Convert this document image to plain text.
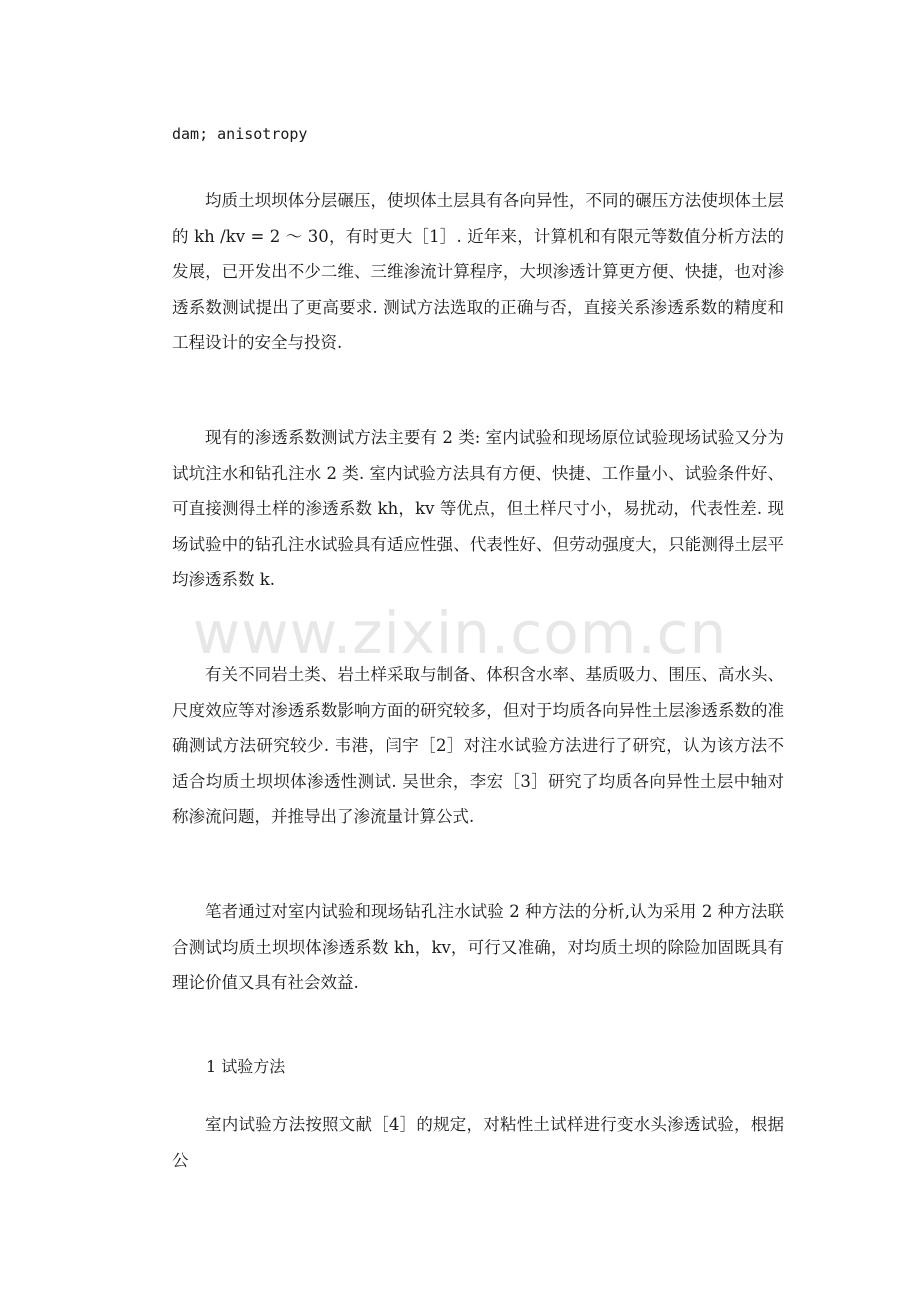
dam; anisotropy

均质土坝坝体分层碾压，使坝体土层具有各向异性，不同的碾压方法使坝体土层的 kh /kv = 2 ～ 30，有时更大［1］. 近年来，计算机和有限元等数值分析方法的发展，已开发出不少二维、三维渗流计算程序，大坝渗透计算更方便、快捷，也对渗透系数测试提出了更高要求. 测试方法选取的正确与否，直接关系渗透系数的精度和工程设计的安全与投资.

现有的渗透系数测试方法主要有 2 类: 室内试验和现场原位试验现场试验又分为试坑注水和钻孔注水 2 类. 室内试验方法具有方便、快捷、工作量小、试验条件好、可直接测得土样的渗透系数 kh，kv 等优点，但土样尺寸小，易扰动，代表性差. 现场试验中的钻孔注水试验具有适应性强、代表性好、但劳动强度大，只能测得土层平均渗透系数 k.

有关不同岩土类、岩土样采取与制备、体积含水率、基质吸力、围压、高水头、尺度效应等对渗透系数影响方面的研究较多，但对于均质各向异性土层渗透系数的准确测试方法研究较少. 韦港，闫宇［2］对注水试验方法进行了研究，认为该方法不适合均质土坝坝体渗透性测试. 吴世余，李宏［3］研究了均质各向异性土层中轴对称渗流问题，并推导出了渗流量计算公式.

笔者通过对室内试验和现场钻孔注水试验 2 种方法的分析,认为采用 2 种方法联合测试均质土坝坝体渗透系数 kh，kv，可行又准确，对均质土坝的除险加固既具有理论价值又具有社会效益.

1 试验方法

室内试验方法按照文献［4］的规定，对粘性土试样进行变水头渗透试验，根据公

www.zixin.com.cn
